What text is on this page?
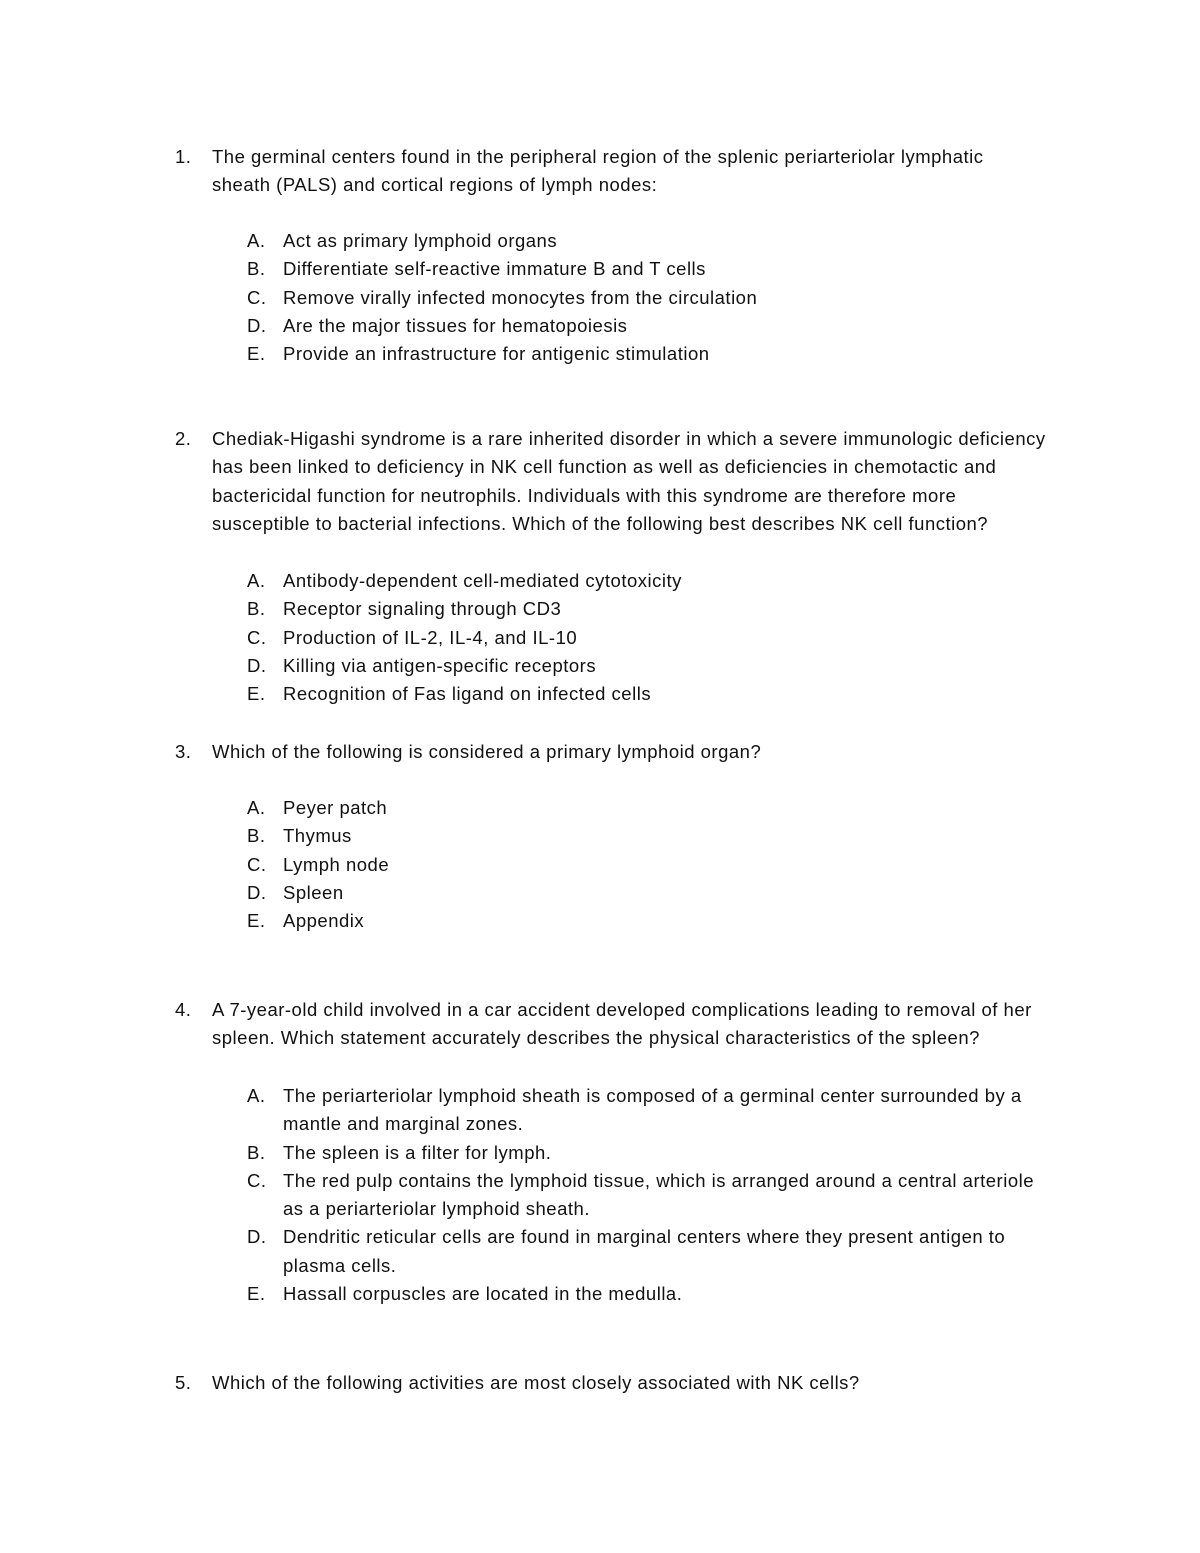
1. The germinal centers found in the peripheral region of the splenic periarteriolar lymphatic
sheath (PALS) and cortical regions of lymph nodes:
A. Act as primary lymphoid organs
B. Differentiate self-reactive immature B and T cells
C. Remove virally infected monocytes from the circulation
D. Are the major tissues for hematopoiesis
E. Provide an infrastructure for antigenic stimulation
2. Chediak-Higashi syndrome is a rare inherited disorder in which a severe immunologic deficiency
has been linked to deficiency in NK cell function as well as deficiencies in chemotactic and
bactericidal function for neutrophils. Individuals with this syndrome are therefore more
susceptible to bacterial infections. Which of the following best describes NK cell function?
A. Antibody-dependent cell-mediated cytotoxicity
B. Receptor signaling through CD3
C. Production of IL-2, IL-4, and IL-10
D. Killing via antigen-specific receptors
E. Recognition of Fas ligand on infected cells
3. Which of the following is considered a primary lymphoid organ?
A. Peyer patch
B. Thymus
C. Lymph node
D. Spleen
E. Appendix
4. A 7-year-old child involved in a car accident developed complications leading to removal of her
spleen. Which statement accurately describes the physical characteristics of the spleen?
A. The periarteriolar lymphoid sheath is composed of a germinal center surrounded by a
mantle and marginal zones.
B. The spleen is a filter for lymph.
C. The red pulp contains the lymphoid tissue, which is arranged around a central arteriole
as a periarteriolar lymphoid sheath.
D. Dendritic reticular cells are found in marginal centers where they present antigen to
plasma cells.
E. Hassall corpuscles are located in the medulla.
5. Which of the following activities are most closely associated with NK cells?
